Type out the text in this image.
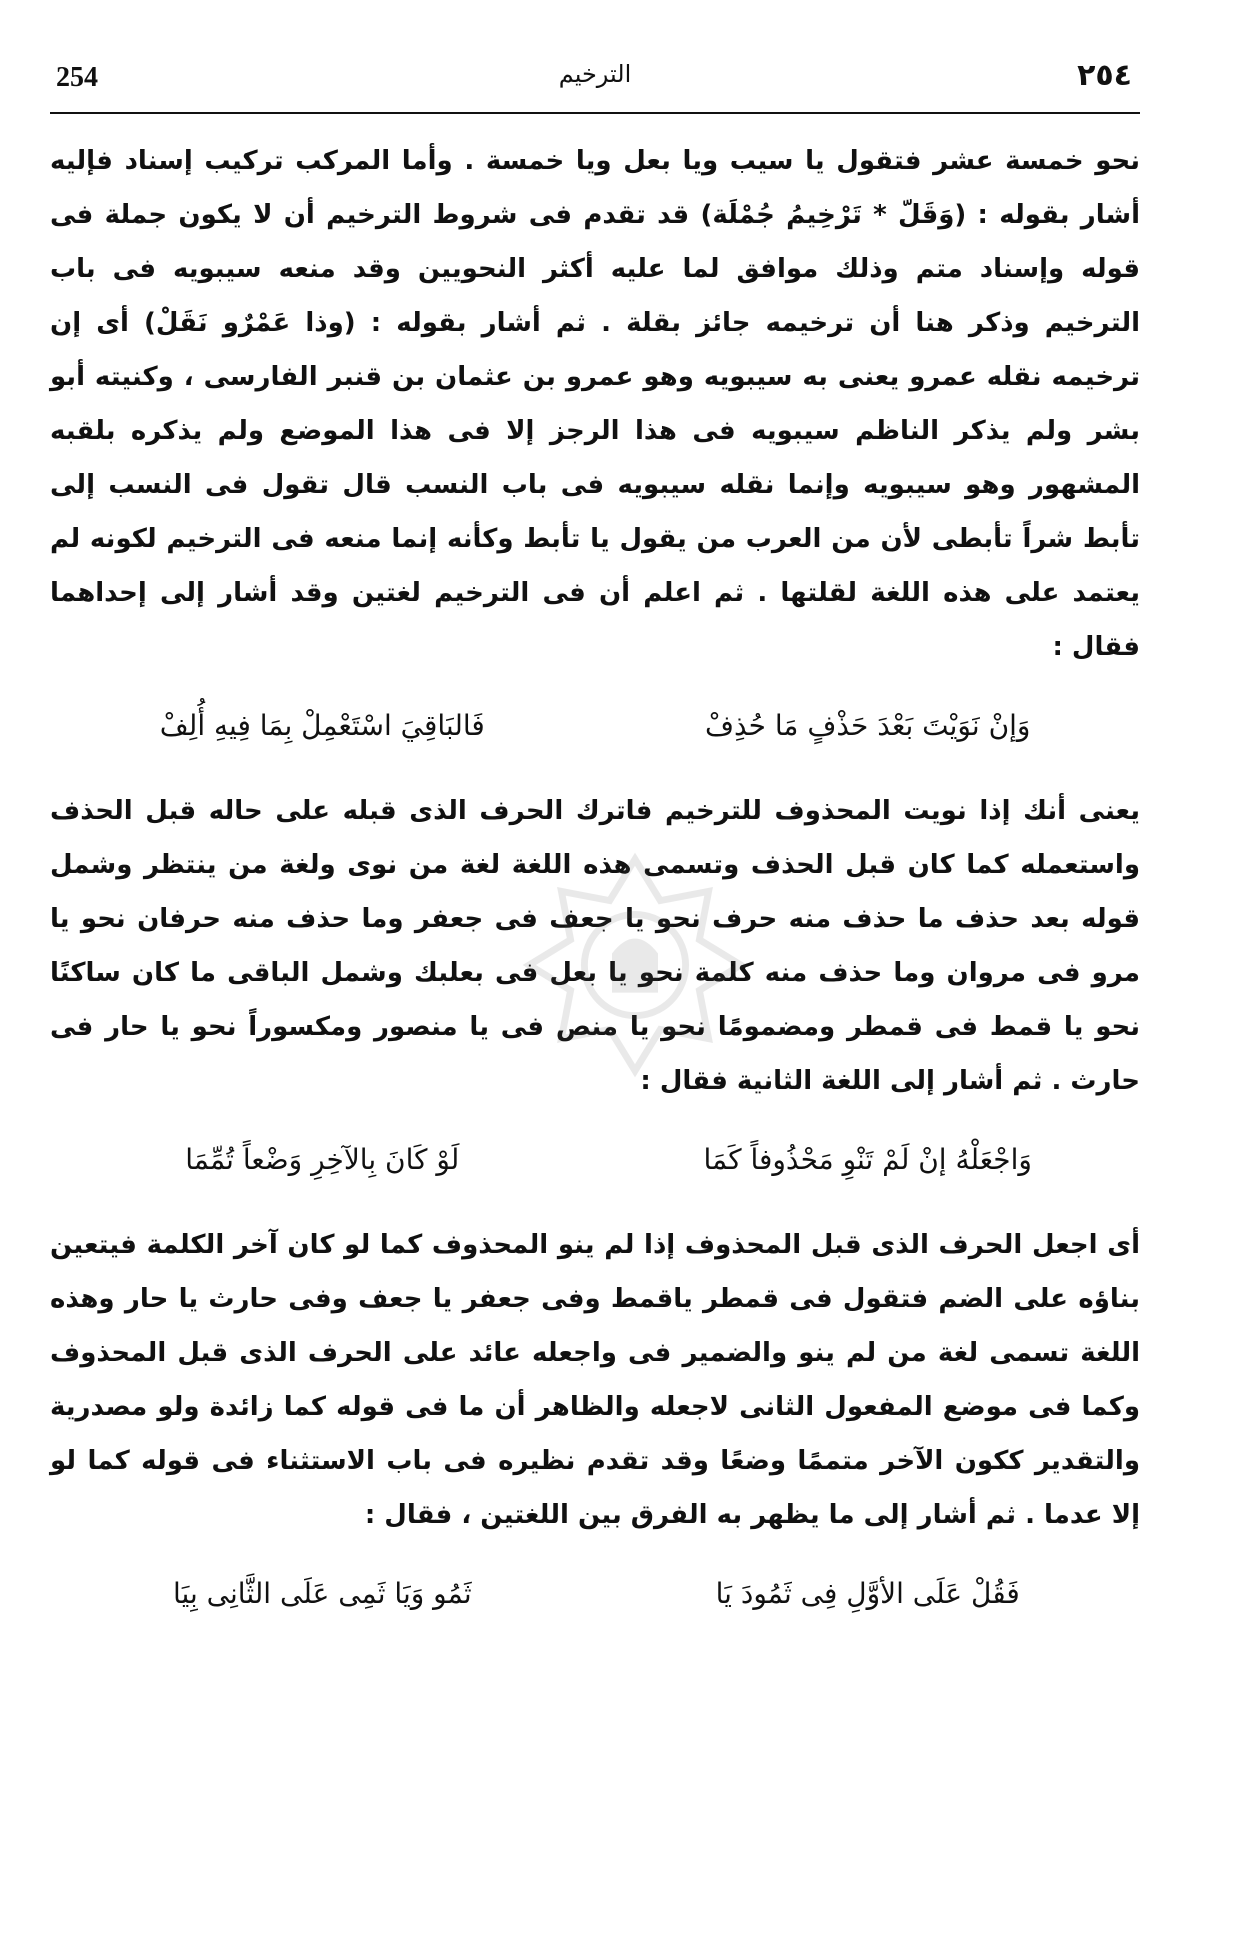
254	الترخيم	٢٥٤

نحو خمسة عشر فتقول يا سيب ويا بعل ويا خمسة . وأما المركب تركيب إسناد فإليه أشار بقوله : (وَقَلّ * تَرْخِيمُ جُمْلَة) قد تقدم فى شروط الترخيم أن لا يكون جملة فى قوله وإسناد متم وذلك موافق لما عليه أكثر النحويين وقد منعه سيبويه فى باب الترخيم وذكر هنا أن ترخيمه جائز بقلة . ثم أشار بقوله : (وذا عَمْرٌو نَقَلْ) أى إن ترخيمه نقله عمرو يعنى به سيبويه وهو عمرو بن عثمان بن قنبر الفارسى ، وكنيته أبو بشر ولم يذكر الناظم سيبويه فى هذا الرجز إلا فى هذا الموضع ولم يذكره بلقبه المشهور وهو سيبويه وإنما نقله سيبويه فى باب النسب قال تقول فى النسب إلى تأبط شراً تأبطى لأن من العرب من يقول يا تأبط وكأنه إنما منعه فى الترخيم لكونه لم يعتمد على هذه اللغة لقلتها . ثم اعلم أن فى الترخيم لغتين وقد أشار إلى إحداهما فقال :

وَإنْ نَوَيْتَ بَعْدَ حَذْفٍ مَا حُذِفْ
فَالبَاقِيَ اسْتَعْمِلْ بِمَا فِيهِ أُلِفْ

يعنى أنك إذا نويت المحذوف للترخيم فاترك الحرف الذى قبله على حاله قبل الحذف واستعمله كما كان قبل الحذف وتسمى هذه اللغة لغة من نوى ولغة من ينتظر وشمل قوله بعد حذف ما حذف منه حرف نحو يا جعف فى جعفر وما حذف منه حرفان نحو يا مرو فى مروان وما حذف منه كلمة نحو يا بعل فى بعلبك وشمل الباقى ما كان ساكنًا نحو يا قمط فى قمطر ومضمومًا نحو يا منص فى يا منصور ومكسوراً نحو يا حار فى حارث . ثم أشار إلى اللغة الثانية فقال :

وَاجْعَلْهُ إنْ لَمْ تَنْوِ مَحْذُوفاً كَمَا
لَوْ كَانَ بِالآخِرِ وَضْعاً تُمِّمَا

أى اجعل الحرف الذى قبل المحذوف إذا لم ينو المحذوف كما لو كان آخر الكلمة فيتعين بناؤه على الضم فتقول فى قمطر ياقمط وفى جعفر يا جعف وفى حارث يا حار وهذه اللغة تسمى لغة من لم ينو والضمير فى واجعله عائد على الحرف الذى قبل المحذوف وكما فى موضع المفعول الثانى لاجعله والظاهر أن ما فى قوله كما زائدة ولو مصدرية والتقدير ككون الآخر متممًا وضعًا وقد تقدم نظيره فى باب الاستثناء فى قوله كما لو إلا عدما . ثم أشار إلى ما يظهر به الفرق بين اللغتين ، فقال :

فَقُلْ عَلَى الأوَّلِ فِى ثَمُودَ يَا
ثَمُو وَيَا ثَمِى عَلَى الثَّانِى بِيَا
